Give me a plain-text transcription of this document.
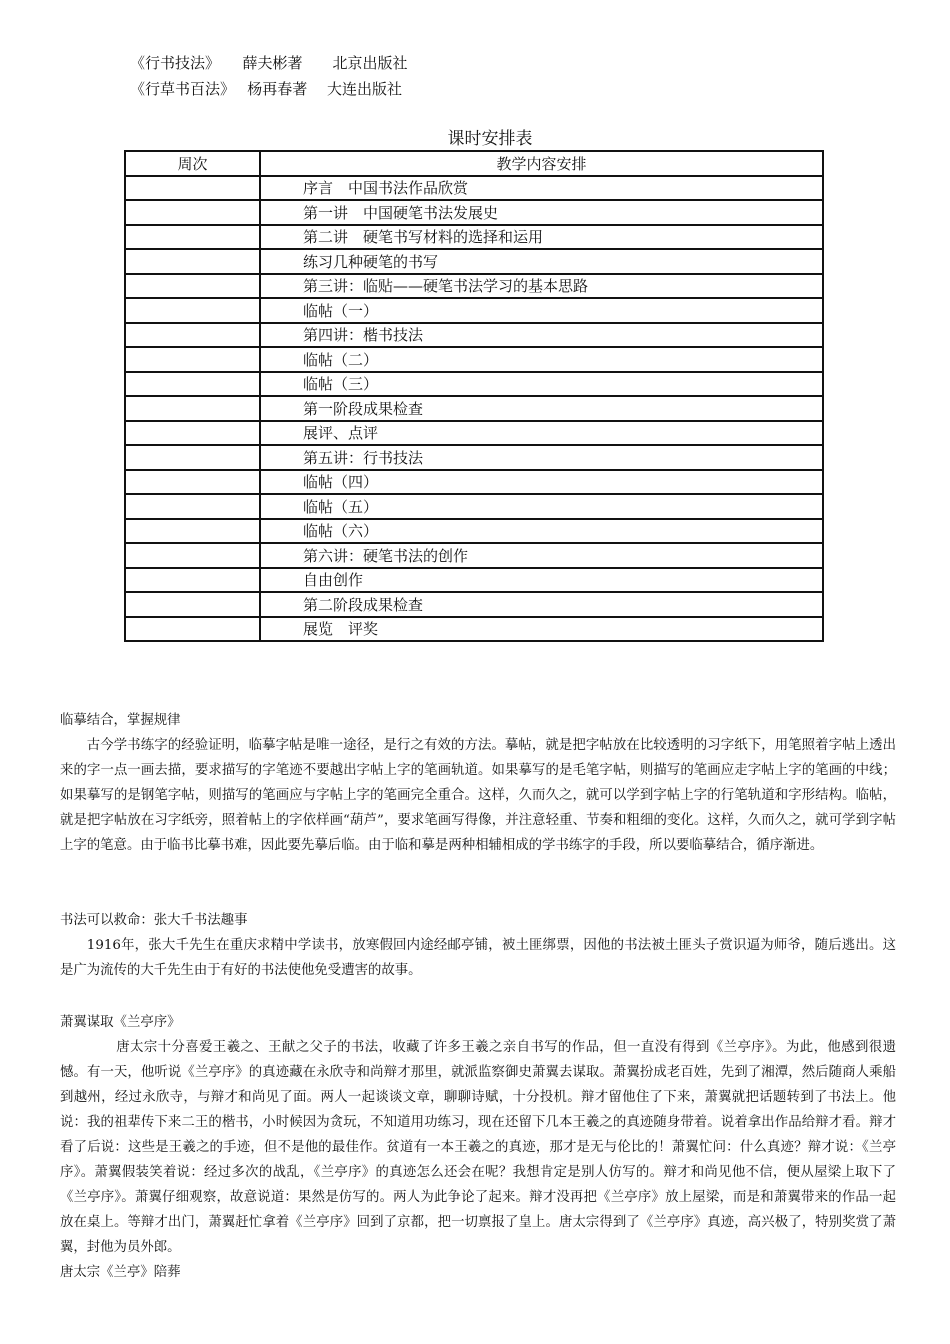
《行书技法》　　薛夫彬著　　北京出版社
《行草书百法》　 杨再春著　 大连出版社
课时安排表
周次	教学内容安排
	序言　中国书法作品欣赏
	第一讲　中国硬笔书法发展史
	第二讲　硬笔书写材料的选择和运用
	练习几种硬笔的书写
	第三讲：临贴——硬笔书法学习的基本思路
	临帖（一）
	第四讲：楷书技法
	临帖（二）
	临帖（三）
	第一阶段成果检查
	展评、点评
	第五讲：行书技法
	临帖（四）
	临帖（五）
	临帖（六）
	第六讲：硬笔书法的创作
	自由创作
	第二阶段成果检查
	展览　评奖
临摹结合，掌握规律
古今学书练字的经验证明，临摹字帖是唯一途径，是行之有效的方法。摹帖，就是把字帖放在比较透明的习字纸下，用笔照着字帖上透出来的字一点一画去描，要求描写的字笔迹不要越出字帖上字的笔画轨道。如果摹写的是毛笔字帖，则描写的笔画应走字帖上字的笔画的中线；如果摹写的是钢笔字帖，则描写的笔画应与字帖上字的笔画完全重合。这样，久而久之，就可以学到字帖上字的行笔轨道和字形结构。临帖，就是把字帖放在习字纸旁，照着帖上的字依样画“葫芦”，要求笔画写得像，并注意轻重、节奏和粗细的变化。这样，久而久之，就可学到字帖上字的笔意。由于临书比摹书难，因此要先摹后临。由于临和摹是两种相辅相成的学书练字的手段，所以要临摹结合，循序渐进。
书法可以救命：张大千书法趣事
1916年，张大千先生在重庆求精中学读书，放寒假回内途经邮亭铺，被土匪绑票，因他的书法被土匪头子赏识逼为师爷，随后逃出。这是广为流传的大千先生由于有好的书法使他免受遭害的故事。
萧翼谋取《兰亭序》
唐太宗十分喜爱王羲之、王献之父子的书法，收藏了许多王羲之亲自书写的作品，但一直没有得到《兰亭序》。为此，他感到很遗憾。有一天，他听说《兰亭序》的真迹藏在永欣寺和尚辩才那里，就派监察御史萧翼去谋取。萧翼扮成老百姓，先到了湘潭，然后随商人乘船到越州，经过永欣寺，与辩才和尚见了面。两人一起谈谈文章，聊聊诗赋，十分投机。辩才留他住了下来，萧翼就把话题转到了书法上。他说：我的祖辈传下来二王的楷书，小时候因为贪玩，不知道用功练习，现在还留下几本王羲之的真迹随身带着。说着拿出作品给辩才看。辩才看了后说：这些是王羲之的手迹，但不是他的最佳作。贫道有一本王羲之的真迹，那才是无与伦比的！萧翼忙问：什么真迹？辩才说：《兰亭序》。萧翼假装笑着说：经过多次的战乱，《兰亭序》的真迹怎么还会在呢？我想肯定是别人仿写的。辩才和尚见他不信，便从屋梁上取下了《兰亭序》。萧翼仔细观察，故意说道：果然是仿写的。两人为此争论了起来。辩才没再把《兰亭序》放上屋梁，而是和萧翼带来的作品一起放在桌上。等辩才出门，萧翼赶忙拿着《兰亭序》回到了京都，把一切禀报了皇上。唐太宗得到了《兰亭序》真迹，高兴极了，特别奖赏了萧翼，封他为员外郎。
唐太宗《兰亭》陪葬
